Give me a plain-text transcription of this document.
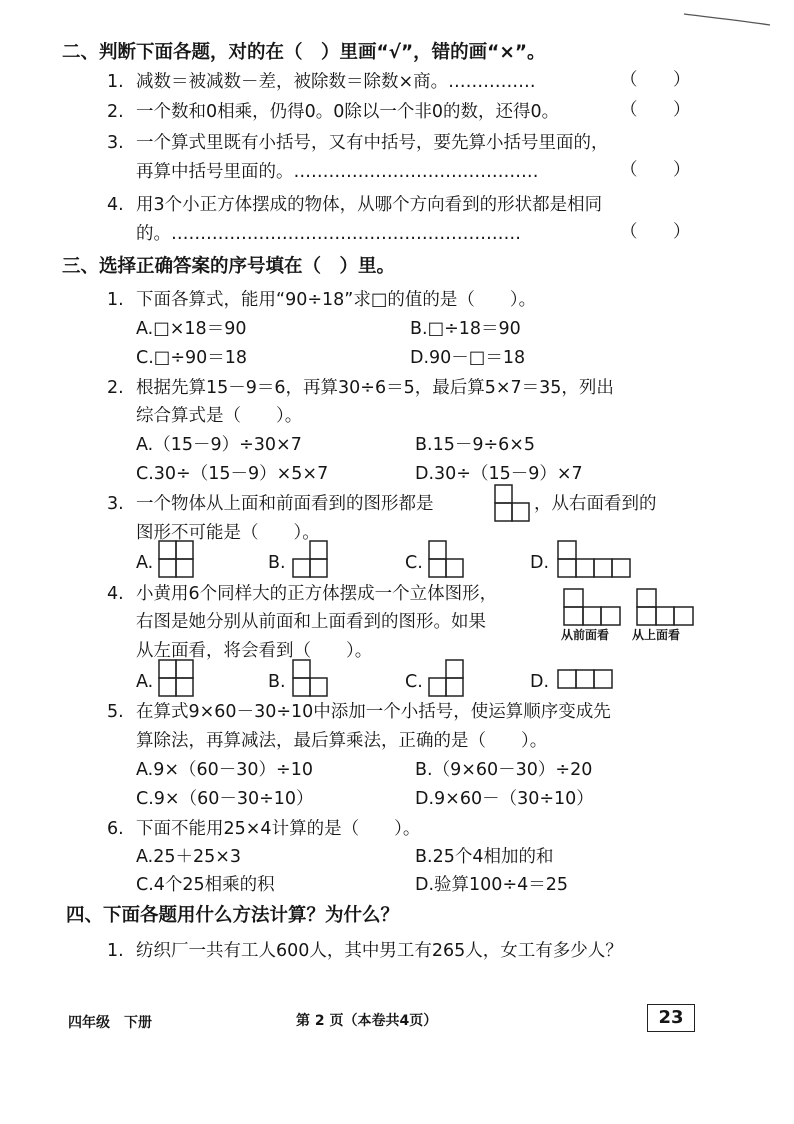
二、判断下面各题，对的在（　）里画“√”，错的画“×”。
1. 减数＝被减数－差，被除数＝除数×商。……………	（ ）
2. 一个数和0相乘，仍得0。0除以一个非0的数，还得0。	（ ）
3. 一个算式里既有小括号，又有中括号，要先算小括号里面的，
再算中括号里面的。……………………………………	（ ）
4. 用3个小正方体摆成的物体，从哪个方向看到的形状都是相同
的。……………………………………………………	（ ）
三、选择正确答案的序号填在（　）里。
1. 下面各算式，能用“90÷18”求□的值的是（　　）。
A.□×18＝90	B.□÷18＝90
C.□÷90＝18	D.90－□＝18
2. 根据先算15－9＝6，再算30÷6＝5，最后算5×7＝35，列出
综合算式是（　　）。
A.（15－9）÷30×7	B.15－9÷6×5
C.30÷（15－9）×5×7	D.30÷（15－9）×7
3. 一个物体从上面和前面看到的图形都是	，从右面看到的
图形不可能是（　　）。
A.	B.	C.	D.
4. 小黄用6个同样大的正方体摆成一个立体图形，
右图是她分别从前面和上面看到的图形。如果
从左面看，将会看到（　　）。
从前面看 从上面看
A.	B.	C.	D.
5. 在算式9×60－30÷10中添加一个小括号，使运算顺序变成先
算除法，再算减法，最后算乘法，正确的是（　　）。
A.9×（60－30）÷10	B.（9×60－30）÷20
C.9×（60－30÷10）	D.9×60－（30÷10）
6. 下面不能用25×4计算的是（　　）。
A.25＋25×3	B.25个4相加的和
C.4个25相乘的积	D.验算100÷4＝25
四、下面各题用什么方法计算？为什么？
1. 纺织厂一共有工人600人，其中男工有265人，女工有多少人？
四年级　下册	第 2 页（本卷共4页）	23
